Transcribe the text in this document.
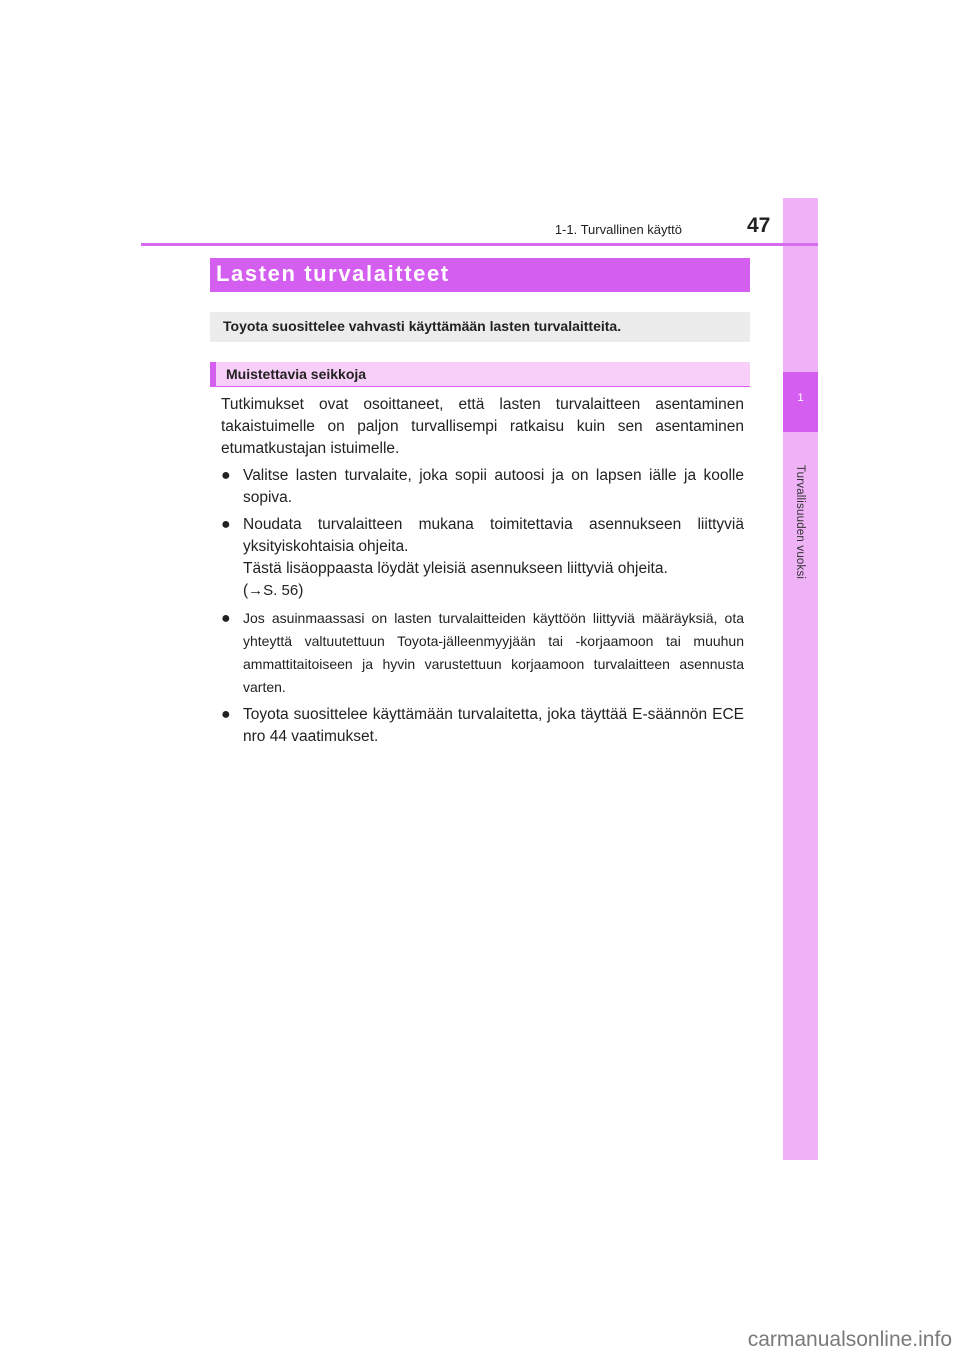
1
Turvallisuuden vuoksi
1-1. Turvallinen käyttö	47
Lasten turvalaitteet
Toyota suosittelee vahvasti käyttämään lasten turvalaitteita.
Muistettavia seikkoja

Tutkimukset ovat osoittaneet, että lasten turvalaitteen asentaminen takaistuimelle on paljon turvallisempi ratkaisu kuin sen asentaminen etumatkustajan istuimelle.

● Valitse lasten turvalaite, joka sopii autoosi ja on lapsen iälle ja koolle sopiva.

● Noudata turvalaitteen mukana toimitettavia asennukseen liittyviä yksityiskohtaisia ohjeita.

Tästä lisäoppaasta löydät yleisiä asennukseen liittyviä ohjeita.

(→S. 56)

● Jos asuinmaassasi on lasten turvalaitteiden käyttöön liittyviä määräyksiä, ota yhteyttä valtuutettuun Toyota-jälleenmyyjään tai -korjaamoon tai muuhun ammattitaitoiseen ja hyvin varustettuun korjaamoon turvalaitteen asennusta varten.

● Toyota suosittelee käyttämään turvalaitetta, joka täyttää E-säännön ECE nro 44 vaatimukset.

carmanualsonline.info
